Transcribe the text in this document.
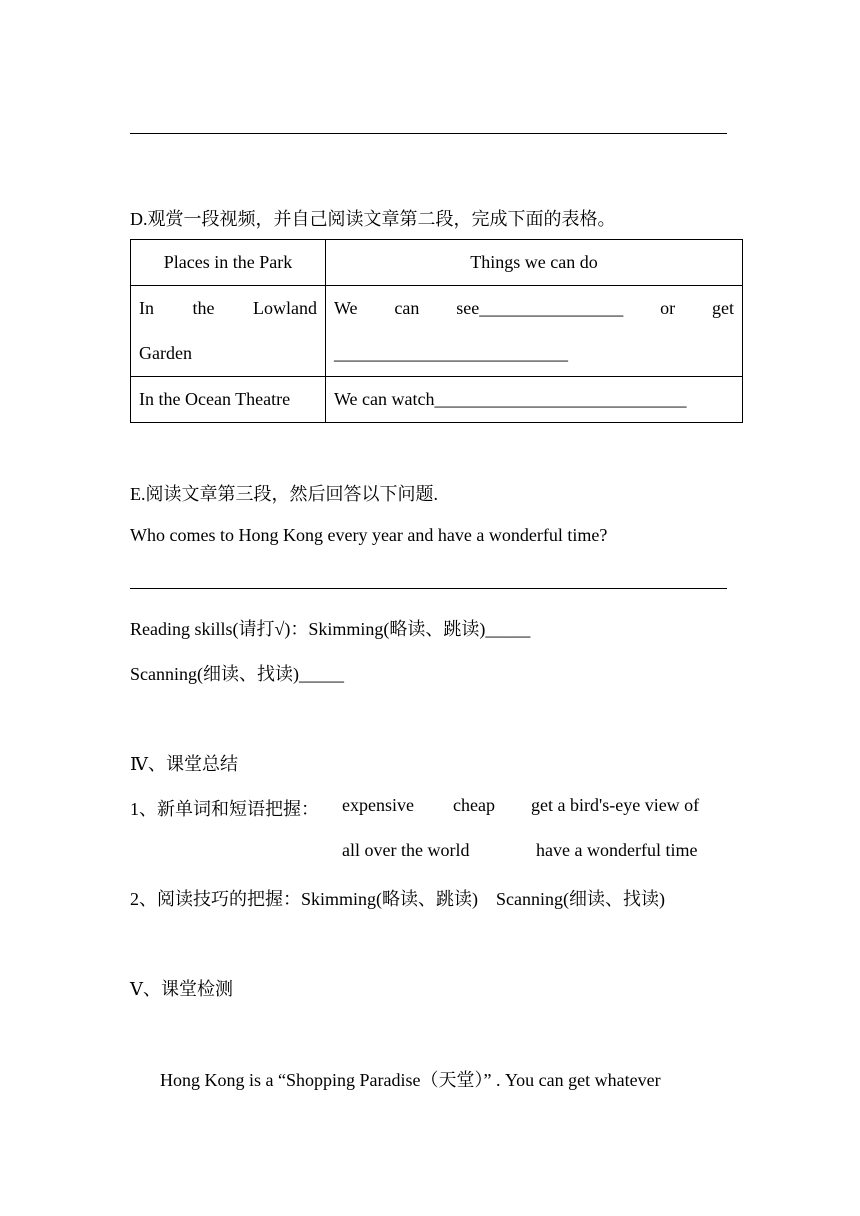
D.观赏一段视频，并自己阅读文章第二段，完成下面的表格。
Places in the Park	Things we can do

In the Lowland
Garden	We can see________________ or get
__________________________

In the Ocean Theatre	We can watch____________________________
E.阅读文章第三段，然后回答以下问题.
Who comes to Hong Kong every year and have a wonderful time?
Reading skills(请打√)：Skimming(略读、跳读)_____
Scanning(细读、找读)_____
Ⅳ、课堂总结
1、新单词和短语把握： expensive cheap get a bird's-eye view of
all over the world	have a wonderful time
2、阅读技巧的把握：Skimming(略读、跳读)    Scanning(细读、找读)
Ⅴ、课堂检测
Hong Kong is a “Shopping Paradise（天堂）” . You can get whatever
